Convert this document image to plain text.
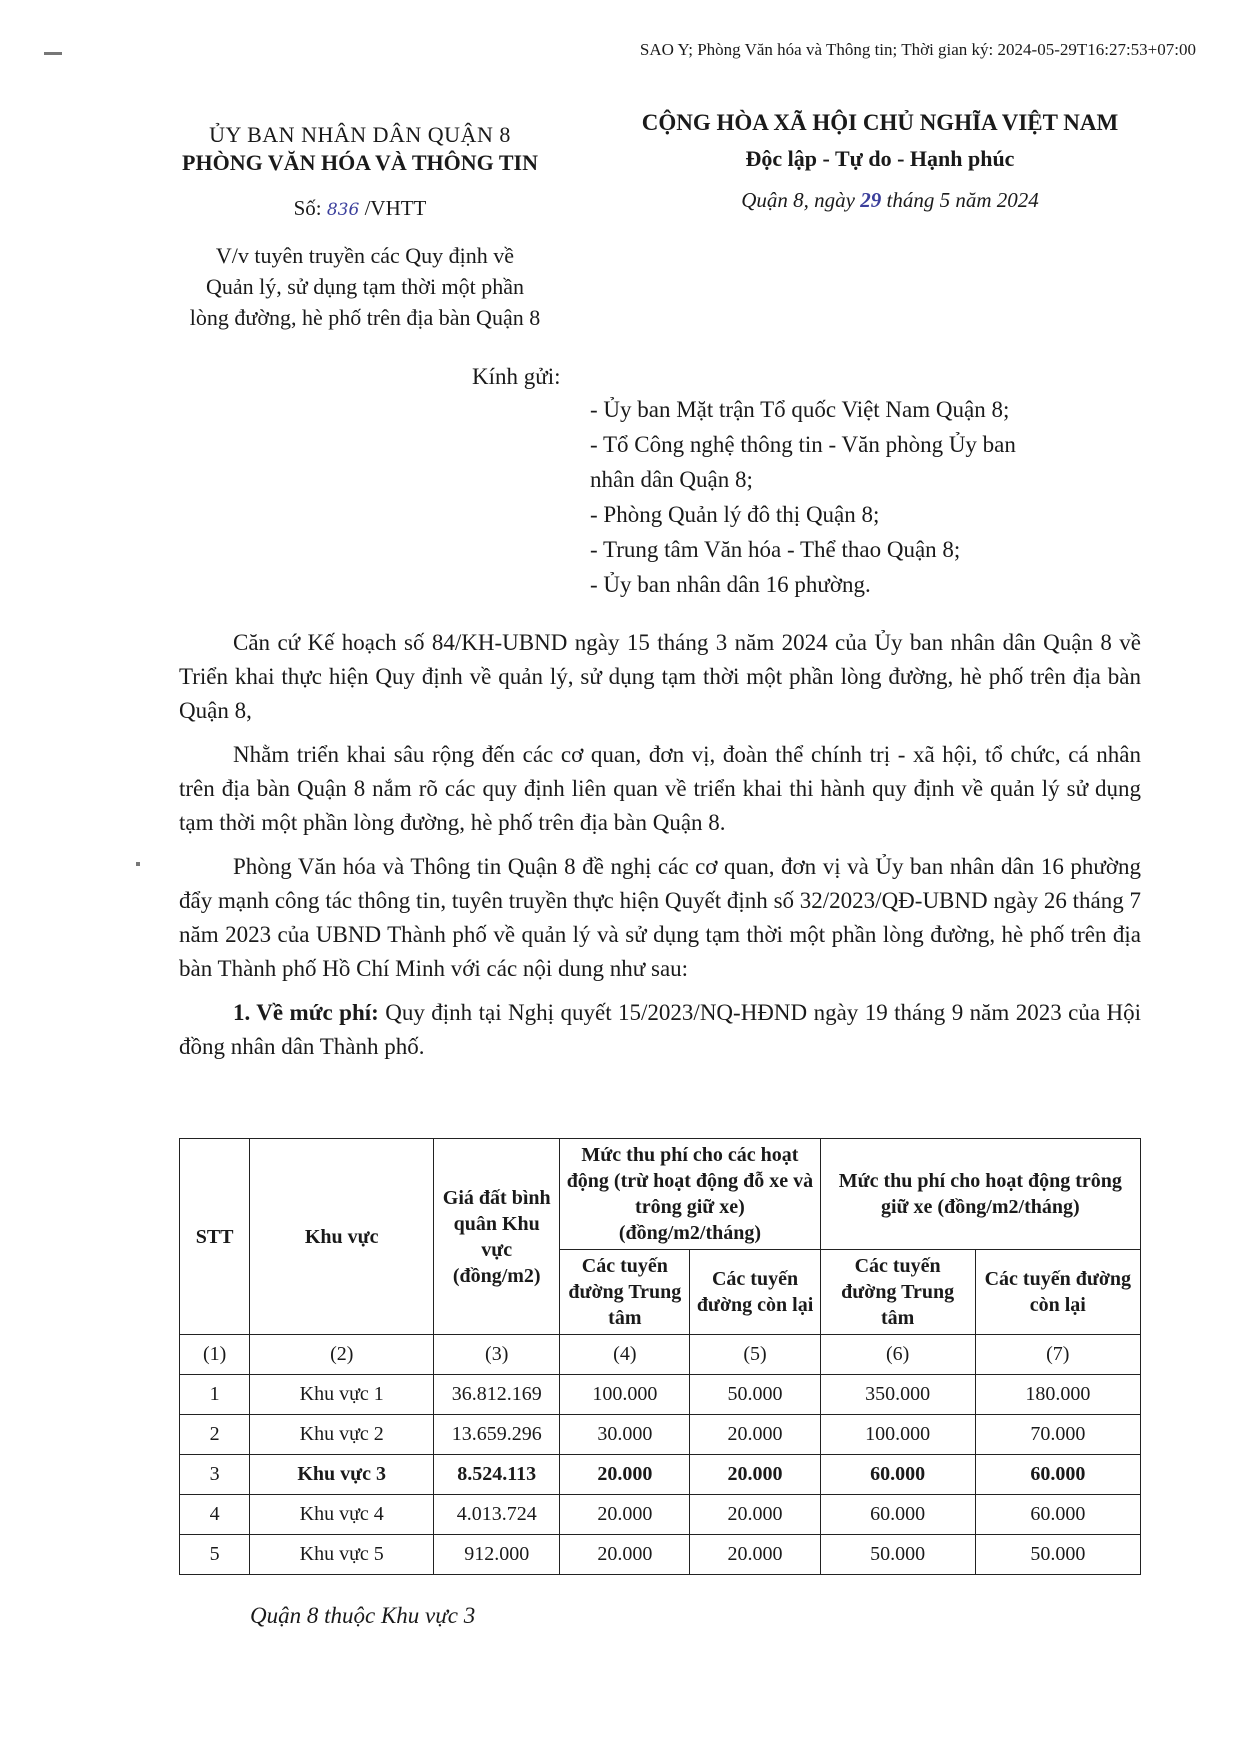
SAO Y; Phòng Văn hóa và Thông tin; Thời gian ký: 2024-05-29T16:27:53+07:00
ỦY BAN NHÂN DÂN QUẬN 8
PHÒNG VĂN HÓA VÀ THÔNG TIN
CỘNG HÒA XÃ HỘI CHỦ NGHĨA VIỆT NAM
Độc lập - Tự do - Hạnh phúc
Số: 836 /VHTT	Quận 8, ngày 29 tháng 5 năm 2024
V/v tuyên truyền các Quy định về
Quản lý, sử dụng tạm thời một phần
lòng đường, hè phố trên địa bàn Quận 8
Kính gửi:
- Ủy ban Mặt trận Tổ quốc Việt Nam Quận 8;
- Tổ Công nghệ thông tin - Văn phòng Ủy ban
nhân dân Quận 8;
- Phòng Quản lý đô thị Quận 8;
- Trung tâm Văn hóa - Thể thao Quận 8;
- Ủy ban nhân dân 16 phường.

Căn cứ Kế hoạch số 84/KH-UBND ngày 15 tháng 3 năm 2024 của Ủy ban nhân dân Quận 8 về Triển khai thực hiện Quy định về quản lý, sử dụng tạm thời một phần lòng đường, hè phố trên địa bàn Quận 8,

Nhằm triển khai sâu rộng đến các cơ quan, đơn vị, đoàn thể chính trị - xã hội, tổ chức, cá nhân trên địa bàn Quận 8 nắm rõ các quy định liên quan về triển khai thi hành quy định về quản lý sử dụng tạm thời một phần lòng đường, hè phố trên địa bàn Quận 8.

Phòng Văn hóa và Thông tin Quận 8 đề nghị các cơ quan, đơn vị và Ủy ban nhân dân 16 phường đẩy mạnh công tác thông tin, tuyên truyền thực hiện Quyết định số 32/2023/QĐ-UBND ngày 26 tháng 7 năm 2023 của UBND Thành phố về quản lý và sử dụng tạm thời một phần lòng đường, hè phố trên địa bàn Thành phố Hồ Chí Minh với các nội dung như sau:

1. Về mức phí: Quy định tại Nghị quyết 15/2023/NQ-HĐND ngày 19 tháng 9 năm 2023 của Hội đồng nhân dân Thành phố.

STT	Khu vực	Giá đất bình quân Khu vực (đồng/m2)	Mức thu phí cho các hoạt động (trừ hoạt động đỗ xe và trông giữ xe) (đồng/m2/tháng)		Mức thu phí cho hoạt động trông giữ xe (đồng/m2/tháng)	
			Các tuyến đường Trung tâm	Các tuyến đường còn lại	Các tuyến đường Trung tâm	Các tuyến đường còn lại
(1)	(2)	(3)	(4)	(5)	(6)	(7)
1	Khu vực 1	36.812.169	100.000	50.000	350.000	180.000
2	Khu vực 2	13.659.296	30.000	20.000	100.000	70.000
3	Khu vực 3	8.524.113	20.000	20.000	60.000	60.000
4	Khu vực 4	4.013.724	20.000	20.000	60.000	60.000
5	Khu vực 5	912.000	20.000	20.000	50.000	50.000
Quận 8 thuộc Khu vực 3
